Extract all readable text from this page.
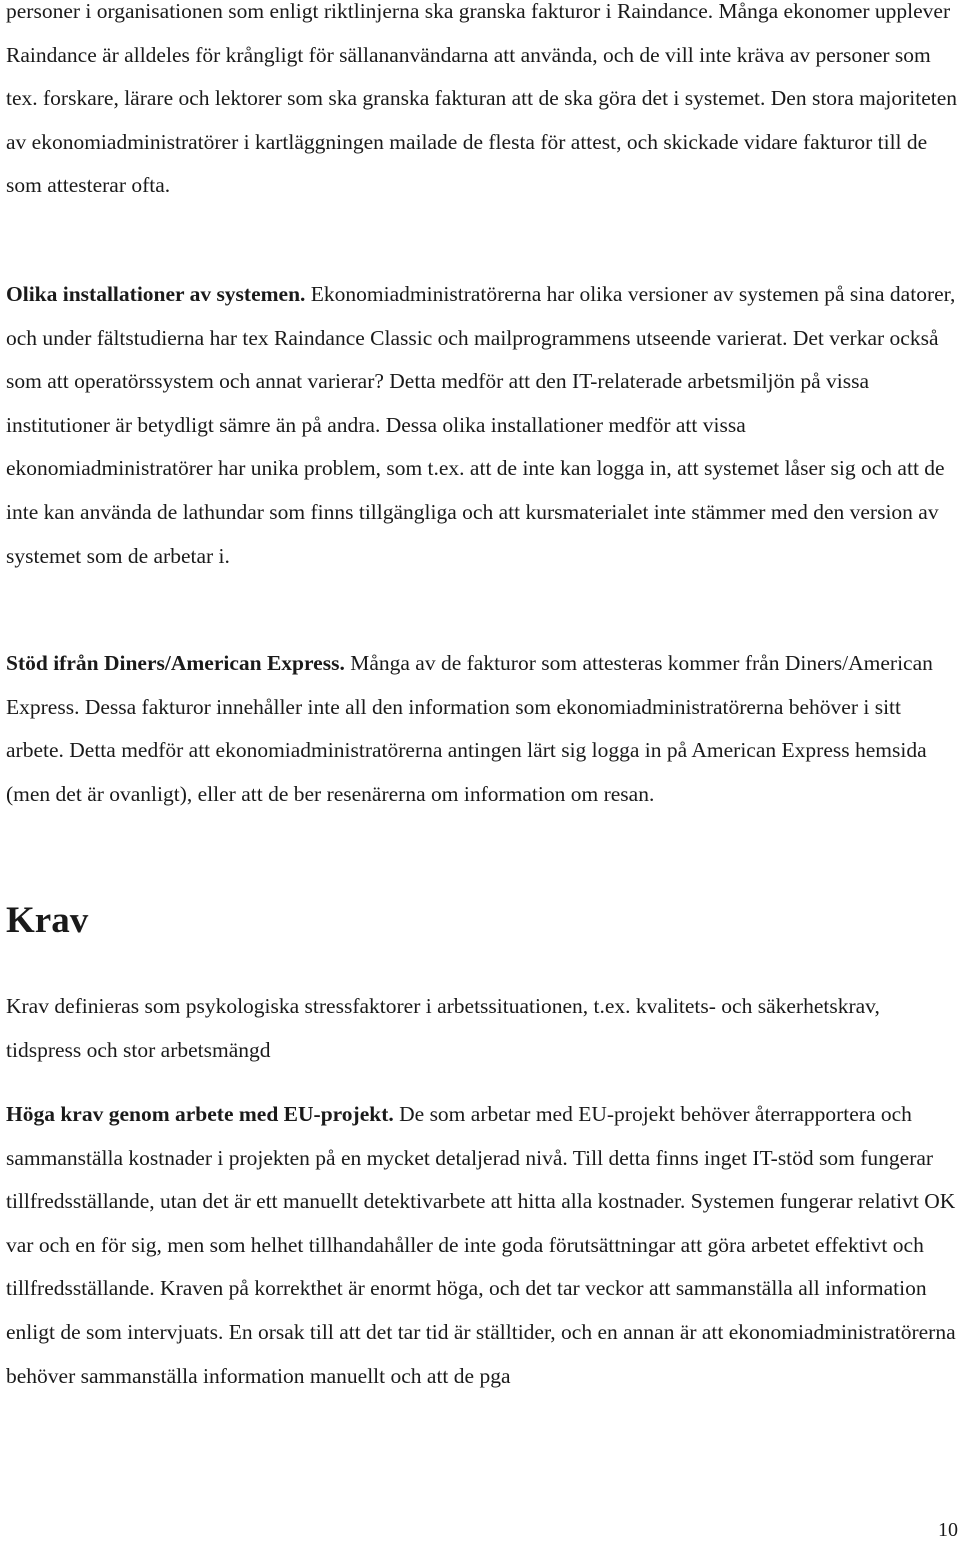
personer i organisationen som enligt riktlinjerna ska granska fakturor i Raindance. Många ekonomer upplever Raindance är alldeles för krångligt för sällananvändarna att använda, och de vill inte kräva av personer som tex. forskare, lärare och lektorer som ska granska fakturan att de ska göra det i systemet. Den stora majoriteten av ekonomiadministratörer i kartläggningen mailade de flesta för attest, och skickade vidare fakturor till de som attesterar ofta.

Olika installationer av systemen. Ekonomiadministratörerna har olika versioner av systemen på sina datorer, och under fältstudierna har tex Raindance Classic och mailprogrammens utseende varierat. Det verkar också som att operatörssystem och annat varierar? Detta medför att den IT-relaterade arbetsmiljön på vissa institutioner är betydligt sämre än på andra. Dessa olika installationer medför att vissa ekonomiadministratörer har unika problem, som t.ex. att de inte kan logga in, att systemet låser sig och att de inte kan använda de lathundar som finns tillgängliga och att kursmaterialet inte stämmer med den version av systemet som de arbetar i.

Stöd ifrån Diners/American Express. Många av de fakturor som attesteras kommer från Diners/American Express. Dessa fakturor innehåller inte all den information som ekonomiadministratörerna behöver i sitt arbete. Detta medför att ekonomiadministratörerna antingen lärt sig logga in på American Express hemsida (men det är ovanligt), eller att de ber resenärerna om information om resan.

Krav

Krav definieras som psykologiska stressfaktorer i arbetssituationen, t.ex. kvalitets- och säkerhetskrav, tidspress och stor arbetsmängd

Höga krav genom arbete med EU-projekt. De som arbetar med EU-projekt behöver återrapportera och sammanställa kostnader i projekten på en mycket detaljerad nivå. Till detta finns inget IT-stöd som fungerar tillfredsställande, utan det är ett manuellt detektivarbete att hitta alla kostnader. Systemen fungerar relativt OK var och en för sig, men som helhet tillhandahåller de inte goda förutsättningar att göra arbetet effektivt och tillfredsställande. Kraven på korrekthet är enormt höga, och det tar veckor att sammanställa all information enligt de som intervjuats. En orsak till att det tar tid är ställtider, och en annan är att ekonomiadministratörerna behöver sammanställa information manuellt och att de pga

10
